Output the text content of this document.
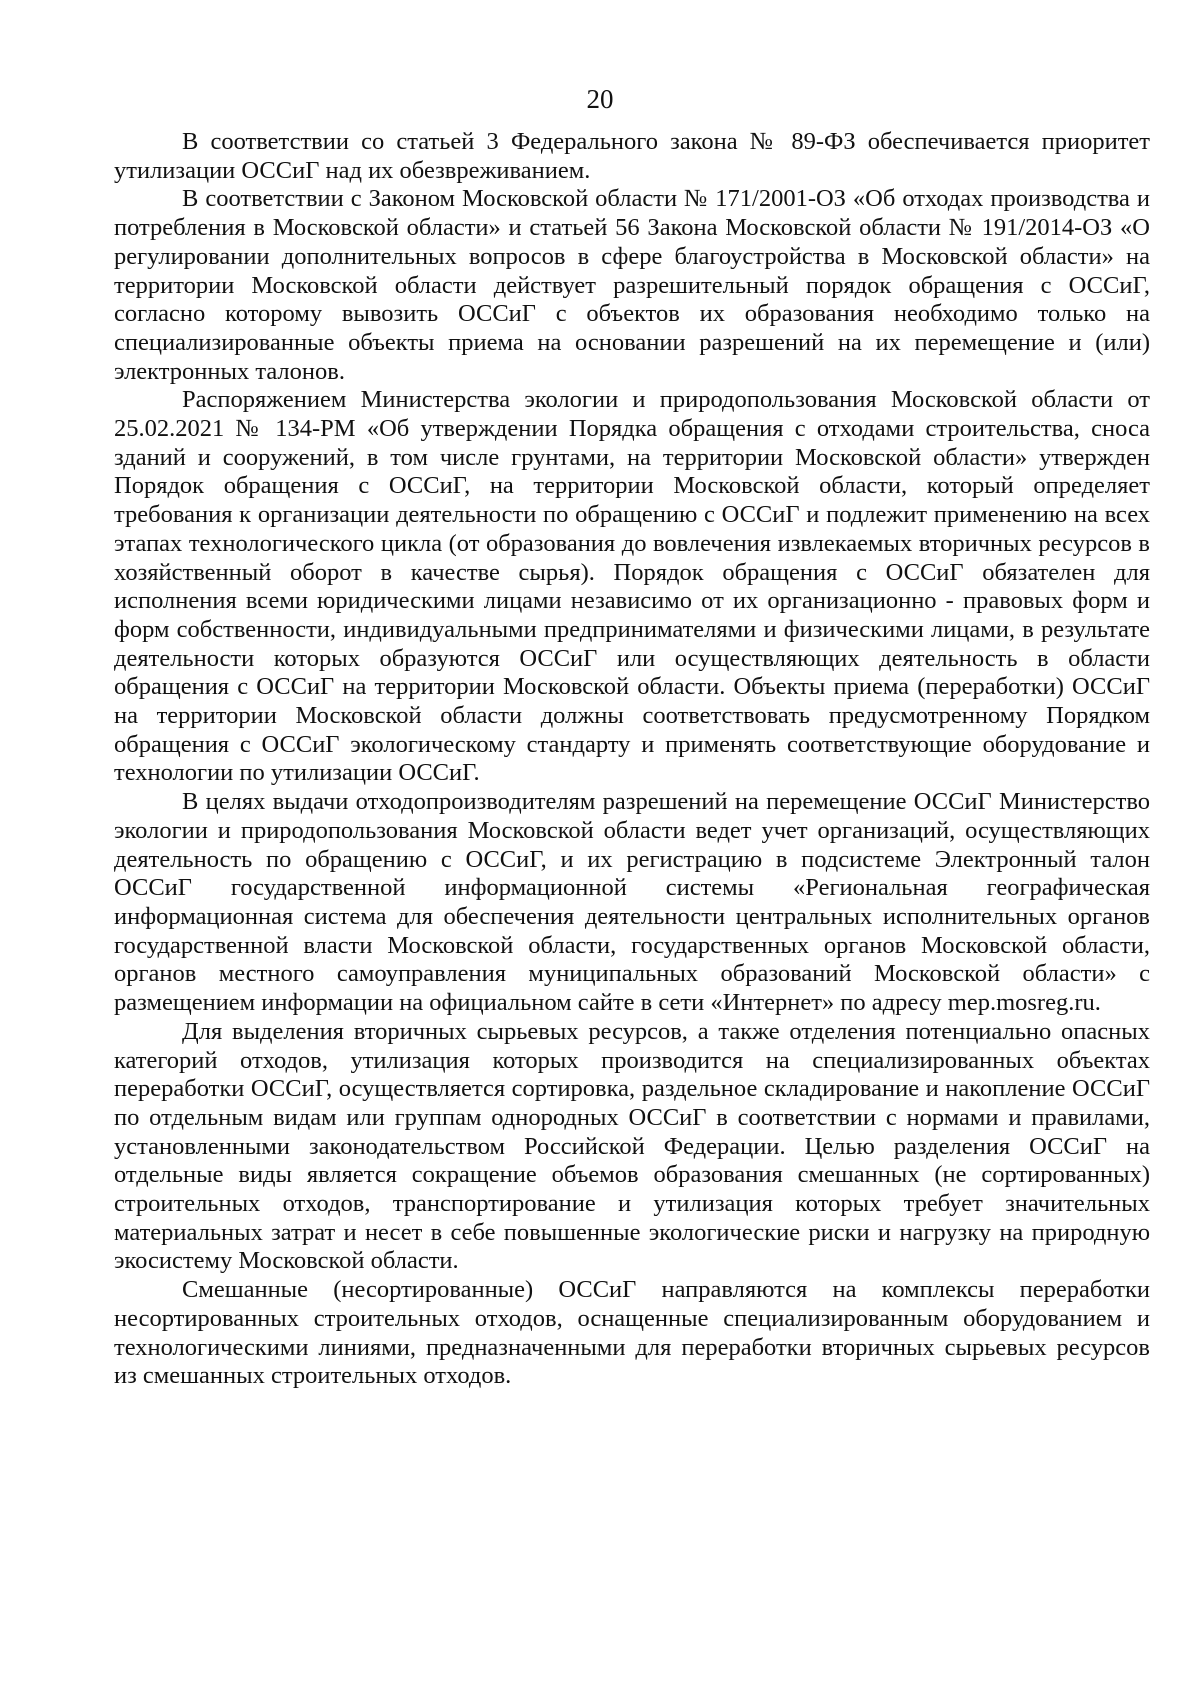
20

В соответствии со статьей 3 Федерального закона № 89-ФЗ обеспечивается приоритет утилизации ОССиГ над их обезвреживанием.

В соответствии с Законом Московской области № 171/2001-ОЗ «Об отходах производства и потребления в Московской области» и статьей 56 Закона Московской области № 191/2014-ОЗ «О регулировании дополнительных вопросов в сфере благоустройства в Московской области» на территории Московской области действует разрешительный порядок обращения с ОССиГ, согласно которому вывозить ОССиГ с объектов их образования необходимо только на специализированные объекты приема на основании разрешений на их перемещение и (или) электронных талонов.

Распоряжением Министерства экологии и природопользования Московской области от 25.02.2021 № 134-РМ «Об утверждении Порядка обращения с отходами строительства, сноса зданий и сооружений, в том числе грунтами, на территории Московской области» утвержден Порядок обращения с ОССиГ, на территории Московской области, который определяет требования к организации деятельности по обращению с ОССиГ и подлежит применению на всех этапах технологического цикла (от образования до вовлечения извлекаемых вторичных ресурсов в хозяйственный оборот в качестве сырья). Порядок обращения с ОССиГ обязателен для исполнения всеми юридическими лицами независимо от их организационно - правовых форм и форм собственности, индивидуальными предпринимателями и физическими лицами, в результате деятельности которых образуются ОССиГ или осуществляющих деятельность в области обращения с ОССиГ на территории Московской области. Объекты приема (переработки) ОССиГ на территории Московской области должны соответствовать предусмотренному Порядком обращения с ОССиГ экологическому стандарту и применять соответствующие оборудование и технологии по утилизации ОССиГ.

В целях выдачи отходопроизводителям разрешений на перемещение ОССиГ Министерство экологии и природопользования Московской области ведет учет организаций, осуществляющих деятельность по обращению с ОССиГ, и их регистрацию в подсистеме Электронный талон ОССиГ государственной информационной системы «Региональная географическая информационная система для обеспечения деятельности центральных исполнительных органов государственной власти Московской области, государственных органов Московской области, органов местного самоуправления муниципальных образований Московской области» с размещением информации на официальном сайте в сети «Интернет» по адресу mep.mosreg.ru.

Для выделения вторичных сырьевых ресурсов, а также отделения потенциально опасных категорий отходов, утилизация которых производится на специализированных объектах переработки ОССиГ, осуществляется сортировка, раздельное складирование и накопление ОССиГ по отдельным видам или группам однородных ОССиГ в соответствии с нормами и правилами, установленными законодательством Российской Федерации. Целью разделения ОССиГ на отдельные виды является сокращение объемов образования смешанных (не сортированных) строительных отходов, транспортирование и утилизация которых требует значительных материальных затрат и несет в себе повышенные экологические риски и нагрузку на природную экосистему Московской области.

Смешанные (несортированные) ОССиГ направляются на комплексы переработки несортированных строительных отходов, оснащенные специализированным оборудованием и технологическими линиями, предназначенными для переработки вторичных сырьевых ресурсов из смешанных строительных отходов.
